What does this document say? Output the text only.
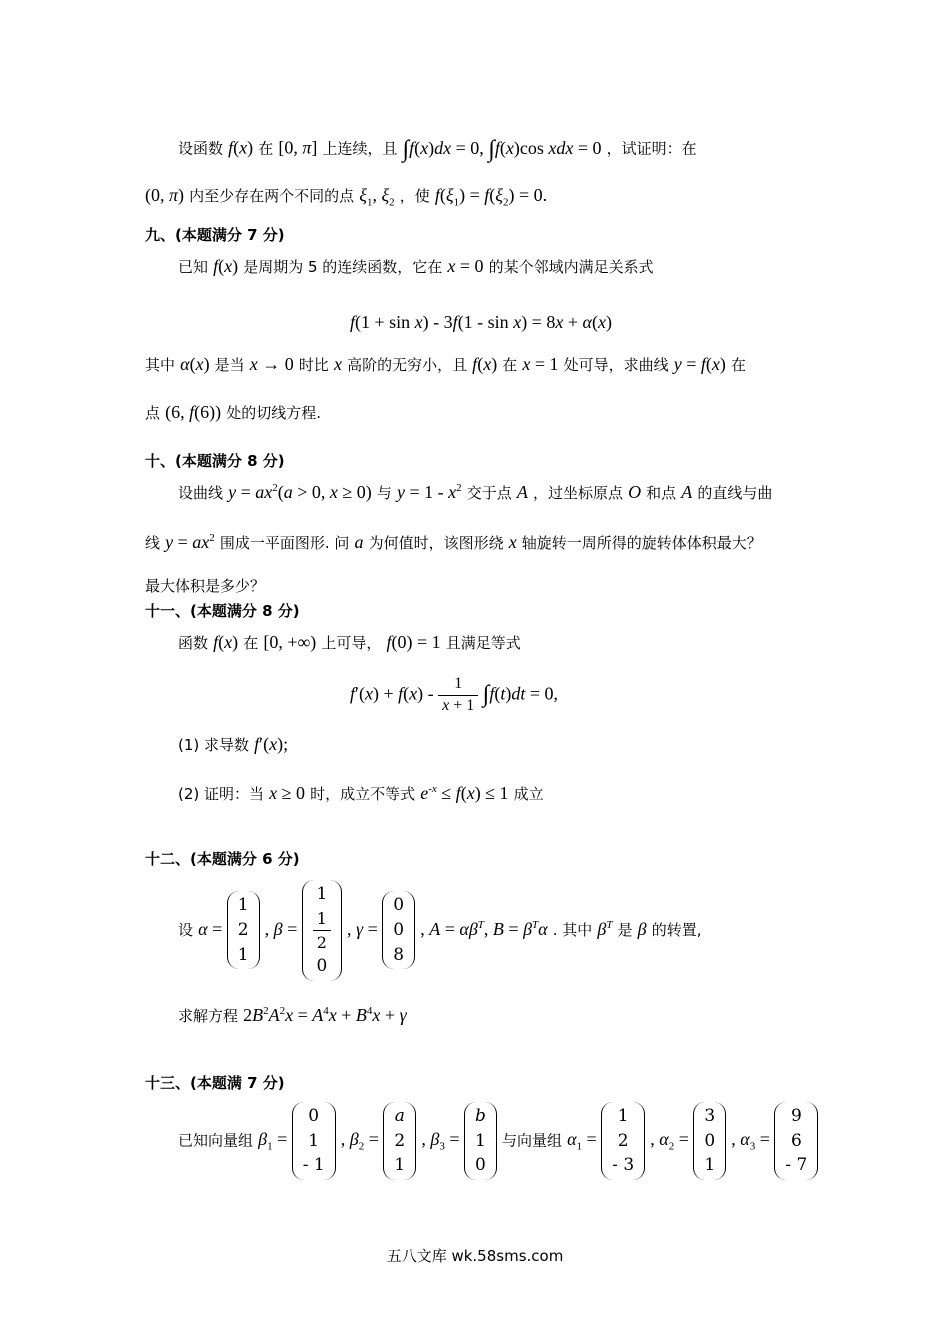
设函数 f(x) 在 [0, π] 上连续，且 ∫f(x)dx = 0, ∫f(x)cos xdx = 0 ，试证明：在
(0, π) 内至少存在两个不同的点 $\xi_1$, $\xi_2$ ，使 $f(\xi_1) = f(\xi_2) = 0$.
九、(本题满分 7 分)
已知 f(x) 是周期为 5 的连续函数，它在 x = 0 的某个邻域内满足关系式
f(1 + sin x) - 3f(1 - sin x) = 8x + α(x)
其中 α(x) 是当 x → 0 时比 x 高阶的无穷小，且 f(x) 在 x = 1 处可导，求曲线 y = f(x) 在
点 (6, f(6)) 处的切线方程.
十、(本题满分 8 分)
设曲线 $y = ax^2(a > 0$, x ≥ 0) 与 $y = 1 - x^2$ 交于点 A ，过坐标原点 O 和点 A 的直线与曲
线 $y = ax^2$ 围成一平面图形. 问 a 为何值时，该图形绕 x 轴旋转一周所得的旋转体体积最大？
最大体积是多少？
十一、(本题满分 8 分)
函数 f(x) 在 [0, +∞) 上可导， f(0) = 1 且满足等式
$f'(x) + f(x) - \frac{1}{x + 1} \int f(t)dt = 0$,
(1) 求导数 f′(x);
(2) 证明：当 x ≥ 0 时，成立不等式 $e^{-x} \le f(x) \le 1$ 成立
十二、(本题满分 6 分)
设 α =
1
2
1
, β =
1
$\frac{1}{2}$
0
, γ =
0
0
8
, $A = \alpha\beta^T$, $B = \beta^T\alpha$ . 其中 $\beta^T$ 是 β 的转置,
求解方程 $2B^2A^2x = A^4x + B^4x + \gamma$
十三、(本题满 7 分)
已知向量组 $\beta_1$ =
0
1
- 1
, $\beta_2$ =
a
2
1
, $\beta_3$ =
b
1
0
与向量组 $\alpha_1$ =
1
2
- 3
, $\alpha_2$ =
3
0
1
, $\alpha_3$ =
9
6
- 7
五八文库 wk.58sms.com
